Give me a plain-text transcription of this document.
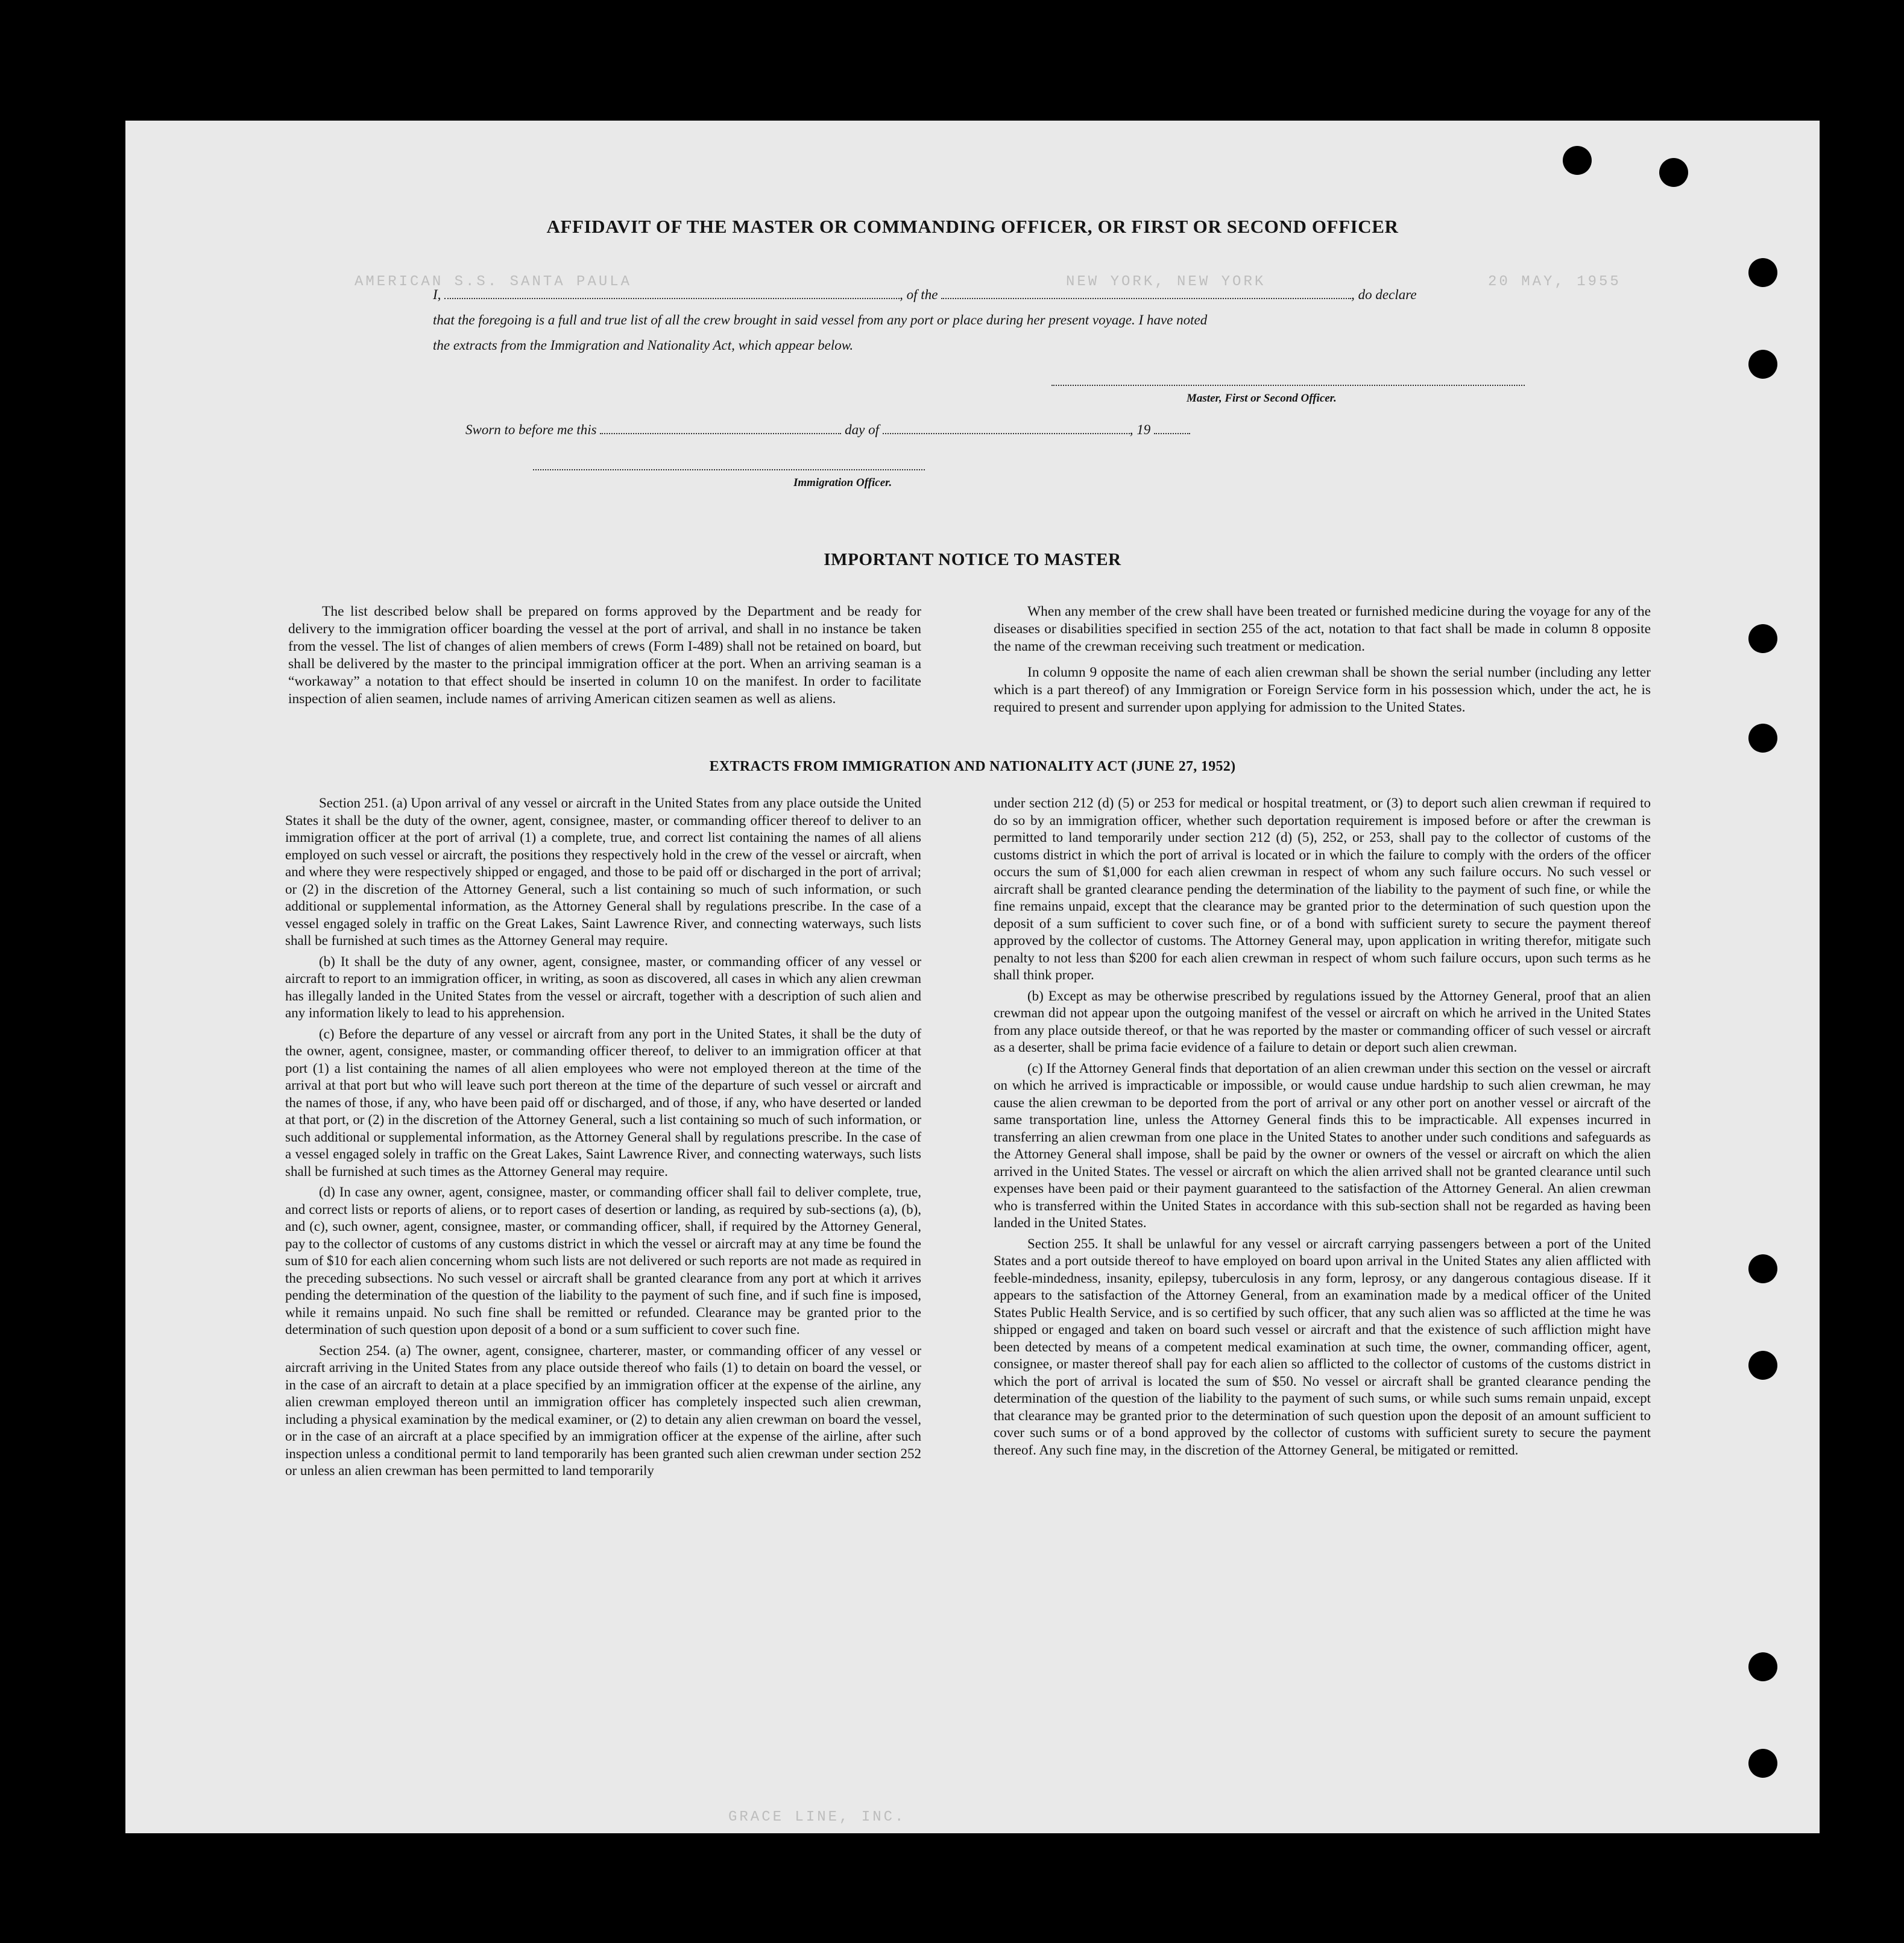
AMERICAN S.S. SANTA PAULA	NEW YORK, NEW YORK	20 MAY, 1955
GRACE LINE, INC.
AFFIDAVIT OF THE MASTER OR COMMANDING OFFICER, OR FIRST OR SECOND OFFICER
I,	, of the	, do declare
that the foregoing is a full and true list of all the crew brought in said vessel from any port or place during her present voyage. I have noted
the extracts from the Immigration and Nationality Act, which appear below.
Master, First or Second Officer.
Sworn to before me this	day of	, 19
Immigration Officer.
IMPORTANT NOTICE TO MASTER

The list described below shall be prepared on forms approved by the Department and be ready for delivery to the immigration officer boarding the vessel at the port of arrival, and shall in no instance be taken from the vessel. The list of changes of alien members of crews (Form I-489) shall not be retained on board, but shall be delivered by the master to the principal immigration officer at the port. When an arriving seaman is a “workaway” a notation to that effect should be inserted in column 10 on the manifest. In order to facilitate inspection of alien seamen, include names of arriving American citizen seamen as well as aliens.

When any member of the crew shall have been treated or furnished medicine during the voyage for any of the diseases or disabilities specified in section 255 of the act, notation to that fact shall be made in column 8 opposite the name of the crewman receiving such treatment or medication.

In column 9 opposite the name of each alien crewman shall be shown the serial number (including any letter which is a part thereof) of any Immigration or Foreign Service form in his possession which, under the act, he is required to present and surrender upon applying for admission to the United States.

EXTRACTS FROM IMMIGRATION AND NATIONALITY ACT (JUNE 27, 1952)

Section 251. (a) Upon arrival of any vessel or aircraft in the United States from any place outside the United States it shall be the duty of the owner, agent, consignee, master, or commanding officer thereof to deliver to an immigration officer at the port of arrival (1) a complete, true, and correct list containing the names of all aliens employed on such vessel or aircraft, the positions they respectively hold in the crew of the vessel or aircraft, when and where they were respectively shipped or engaged, and those to be paid off or discharged in the port of arrival; or (2) in the discretion of the Attorney General, such a list containing so much of such information, or such additional or supplemental information, as the Attorney General shall by regulations prescribe. In the case of a vessel engaged solely in traffic on the Great Lakes, Saint Lawrence River, and connecting waterways, such lists shall be furnished at such times as the Attorney General may require.

(b) It shall be the duty of any owner, agent, consignee, master, or commanding officer of any vessel or aircraft to report to an immigration officer, in writing, as soon as discovered, all cases in which any alien crewman has illegally landed in the United States from the vessel or aircraft, together with a description of such alien and any information likely to lead to his apprehension.

(c) Before the departure of any vessel or aircraft from any port in the United States, it shall be the duty of the owner, agent, consignee, master, or commanding officer thereof, to deliver to an immigration officer at that port (1) a list containing the names of all alien employees who were not employed thereon at the time of the arrival at that port but who will leave such port thereon at the time of the departure of such vessel or aircraft and the names of those, if any, who have been paid off or discharged, and of those, if any, who have deserted or landed at that port, or (2) in the discretion of the Attorney General, such a list containing so much of such information, or such additional or supplemental information, as the Attorney General shall by regulations prescribe. In the case of a vessel engaged solely in traffic on the Great Lakes, Saint Lawrence River, and connecting waterways, such lists shall be furnished at such times as the Attorney General may require.

(d) In case any owner, agent, consignee, master, or commanding officer shall fail to deliver complete, true, and correct lists or reports of aliens, or to report cases of desertion or landing, as required by sub-sections (a), (b), and (c), such owner, agent, consignee, master, or commanding officer, shall, if required by the Attorney General, pay to the collector of customs of any customs district in which the vessel or aircraft may at any time be found the sum of $10 for each alien concerning whom such lists are not delivered or such reports are not made as required in the preceding subsections. No such vessel or aircraft shall be granted clearance from any port at which it arrives pending the determination of the question of the liability to the payment of such fine, and if such fine is imposed, while it remains unpaid. No such fine shall be remitted or refunded. Clearance may be granted prior to the determination of such question upon deposit of a bond or a sum sufficient to cover such fine.

Section 254. (a) The owner, agent, consignee, charterer, master, or commanding officer of any vessel or aircraft arriving in the United States from any place outside thereof who fails (1) to detain on board the vessel, or in the case of an aircraft to detain at a place specified by an immigration officer at the expense of the airline, any alien crewman employed thereon until an immigration officer has completely inspected such alien crewman, including a physical examination by the medical examiner, or (2) to detain any alien crewman on board the vessel, or in the case of an aircraft at a place specified by an immigration officer at the expense of the airline, after such inspection unless a conditional permit to land temporarily has been granted such alien crewman under section 252 or unless an alien crewman has been permitted to land temporarily

under section 212 (d) (5) or 253 for medical or hospital treatment, or (3) to deport such alien crewman if required to do so by an immigration officer, whether such deportation requirement is imposed before or after the crewman is permitted to land temporarily under section 212 (d) (5), 252, or 253, shall pay to the collector of customs of the customs district in which the port of arrival is located or in which the failure to comply with the orders of the officer occurs the sum of $1,000 for each alien crewman in respect of whom any such failure occurs. No such vessel or aircraft shall be granted clearance pending the determination of the liability to the payment of such fine, or while the fine remains unpaid, except that the clearance may be granted prior to the determination of such question upon the deposit of a sum sufficient to cover such fine, or of a bond with sufficient surety to secure the payment thereof approved by the collector of customs. The Attorney General may, upon application in writing therefor, mitigate such penalty to not less than $200 for each alien crewman in respect of whom such failure occurs, upon such terms as he shall think proper.

(b) Except as may be otherwise prescribed by regulations issued by the Attorney General, proof that an alien crewman did not appear upon the outgoing manifest of the vessel or aircraft on which he arrived in the United States from any place outside thereof, or that he was reported by the master or commanding officer of such vessel or aircraft as a deserter, shall be prima facie evidence of a failure to detain or deport such alien crewman.

(c) If the Attorney General finds that deportation of an alien crewman under this section on the vessel or aircraft on which he arrived is impracticable or impossible, or would cause undue hardship to such alien crewman, he may cause the alien crewman to be deported from the port of arrival or any other port on another vessel or aircraft of the same transportation line, unless the Attorney General finds this to be impracticable. All expenses incurred in transferring an alien crewman from one place in the United States to another under such conditions and safeguards as the Attorney General shall impose, shall be paid by the owner or owners of the vessel or aircraft on which the alien arrived in the United States. The vessel or aircraft on which the alien arrived shall not be granted clearance until such expenses have been paid or their payment guaranteed to the satisfaction of the Attorney General. An alien crewman who is transferred within the United States in accordance with this sub-section shall not be regarded as having been landed in the United States.

Section 255. It shall be unlawful for any vessel or aircraft carrying passengers between a port of the United States and a port outside thereof to have employed on board upon arrival in the United States any alien afflicted with feeble-mindedness, insanity, epilepsy, tuberculosis in any form, leprosy, or any dangerous contagious disease. If it appears to the satisfaction of the Attorney General, from an examination made by a medical officer of the United States Public Health Service, and is so certified by such officer, that any such alien was so afflicted at the time he was shipped or engaged and taken on board such vessel or aircraft and that the existence of such affliction might have been detected by means of a competent medical examination at such time, the owner, commanding officer, agent, consignee, or master thereof shall pay for each alien so afflicted to the collector of customs of the customs district in which the port of arrival is located the sum of $50. No vessel or aircraft shall be granted clearance pending the determination of the question of the liability to the payment of such sums, or while such sums remain unpaid, except that clearance may be granted prior to the determination of such question upon the deposit of an amount sufficient to cover such sums or of a bond approved by the collector of customs with sufficient surety to secure the payment thereof. Any such fine may, in the discretion of the Attorney General, be mitigated or remitted.
